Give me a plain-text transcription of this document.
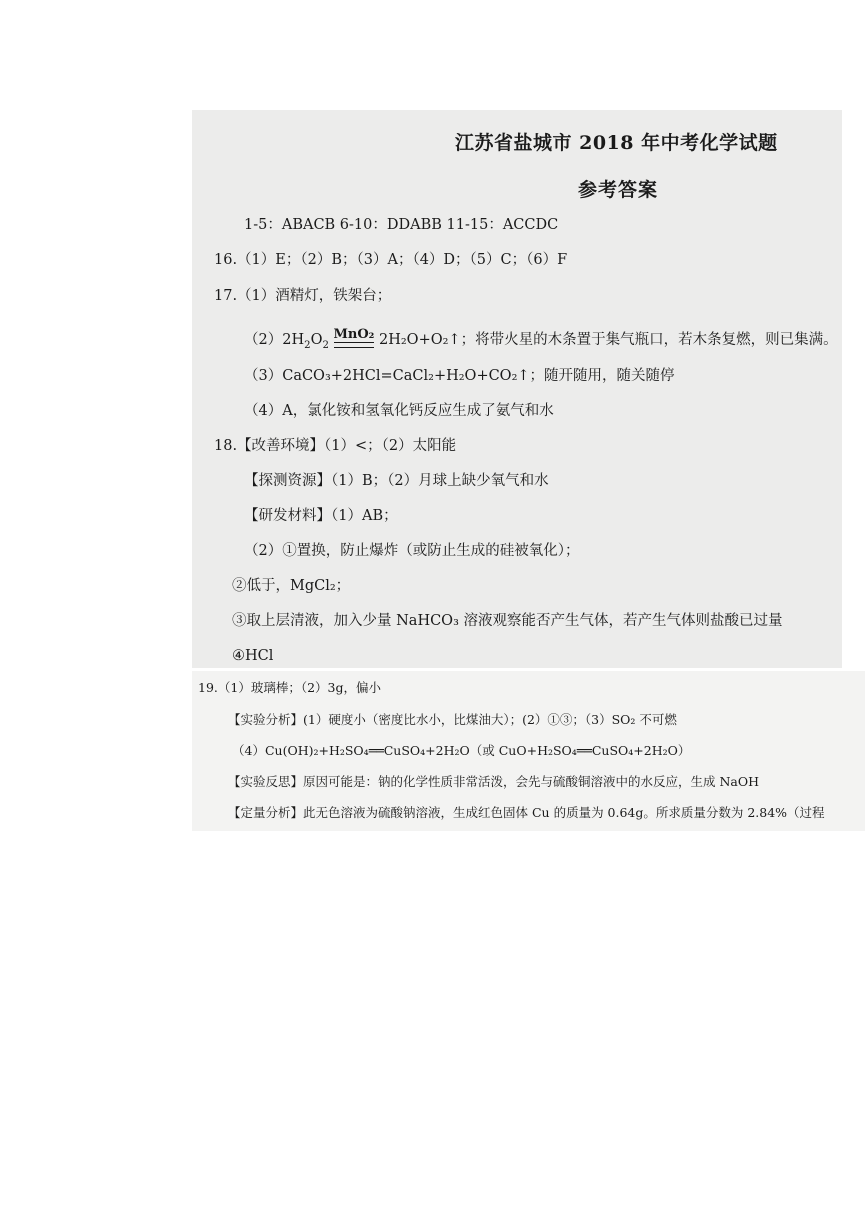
江苏省盐城市 2018 年中考化学试题
参考答案
1-5：ABACB 6-10：DDABB 11-15：ACCDC
16.（1）E；（2）B；（3）A；（4）D；（5）C；（6）F
17.（1）酒精灯，铁架台；
$(2)2H_2O_2$ MnO₂ 2H₂O+O₂↑；将带火星的木条置于集气瓶口，若木条复燃，则已集满。
（3）CaCO₃+2HCl=CaCl₂+H₂O+CO₂↑；随开随用，随关随停
（4）A，氯化铵和氢氧化钙反应生成了氨气和水
18.【改善环境】（1）<；（2）太阳能
【探测资源】（1）B；（2）月球上缺少氧气和水
【研发材料】（1）AB；
（2）①置换，防止爆炸（或防止生成的硅被氧化）；
②低于，MgCl₂；
③取上层清液，加入少量 NaHCO₃ 溶液观察能否产生气体，若产生气体则盐酸已过量
④HCl
19.（1）玻璃棒；（2）3g，偏小
【实验分析】(1）硬度小（密度比水小，比煤油大）；(2）①③；（3）SO₂ 不可燃
（4）Cu(OH)₂+H₂SO₄══CuSO₄+2H₂O（或 CuO+H₂SO₄══CuSO₄+2H₂O）
【实验反思】原因可能是：钠的化学性质非常活泼，会先与硫酸铜溶液中的水反应，生成 NaOH
【定量分析】此无色溶液为硫酸钠溶液，生成红色固体 Cu 的质量为 0.64g。所求质量分数为 2.84%（过程
